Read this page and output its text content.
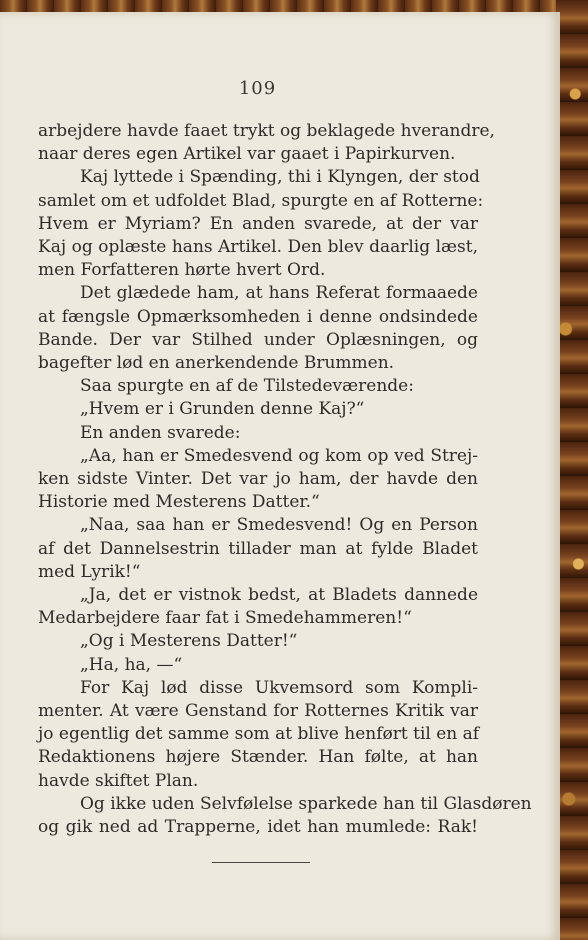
109
arbejdere havde faaet trykt og beklagede hverandre,
naar deres egen Artikel var gaaet i Papirkurven.
Kaj lyttede i Spænding, thi i Klyngen, der stod
samlet om et udfoldet Blad, spurgte en af Rotterne:
Hvem er Myriam? En anden svarede, at der var
Kaj og oplæste hans Artikel. Den blev daarlig læst,
men Forfatteren hørte hvert Ord.
Det glædede ham, at hans Referat formaaede
at fængsle Opmærksomheden i denne ondsindede
Bande. Der var Stilhed under Oplæsningen, og
bagefter lød en anerkendende Brummen.
Saa spurgte en af de Tilstedeværende:
„Hvem er i Grunden denne Kaj?“
En anden svarede:
„Aa, han er Smedesvend og kom op ved Strej-
ken sidste Vinter. Det var jo ham, der havde den
Historie med Mesterens Datter.“
„Naa, saa han er Smedesvend! Og en Person
af det Dannelsestrin tillader man at fylde Bladet
med Lyrik!“
„Ja, det er vistnok bedst, at Bladets dannede
Medarbejdere faar fat i Smedehammeren!“
„Og i Mesterens Datter!“
„Ha, ha, —“
For Kaj lød disse Ukvemsord som Kompli-
menter. At være Genstand for Rotternes Kritik var
jo egentlig det samme som at blive henført til en af
Redaktionens højere Stænder. Han følte, at han
havde skiftet Plan.
Og ikke uden Selvfølelse sparkede han til Glasdøren
og gik ned ad Trapperne, idet han mumlede: Rak!
